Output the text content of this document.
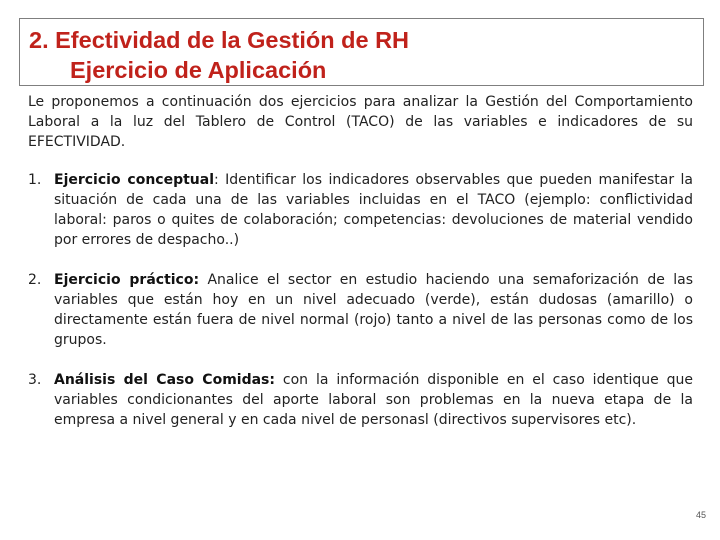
2. Efectividad de la Gestión de RH
Ejercicio de Aplicación

Le proponemos a continuación dos ejercicios para analizar la Gestión del Comportamiento Laboral a la luz del Tablero de Control (TACO) de las variables e indicadores de su EFECTIVIDAD.

1. Ejercicio conceptual: Identificar los indicadores observables que pueden manifestar la situación de cada una de las variables incluidas en el TACO (ejemplo: conflictividad laboral: paros o quites de colaboración; competencias: devoluciones de material vendido por errores de despacho..)
2. Ejercicio práctico: Analice el sector en estudio haciendo una semaforización de las variables que están hoy en un nivel adecuado (verde), están dudosas (amarillo) o directamente están fuera de nivel normal (rojo) tanto a nivel de las personas como de los grupos.
3. Análisis del Caso Comidas: con la información disponible en el caso identique que variables condicionantes del aporte laboral son problemas en la nueva etapa de la empresa a nivel general y en cada nivel de personasl (directivos supervisores etc).
45
